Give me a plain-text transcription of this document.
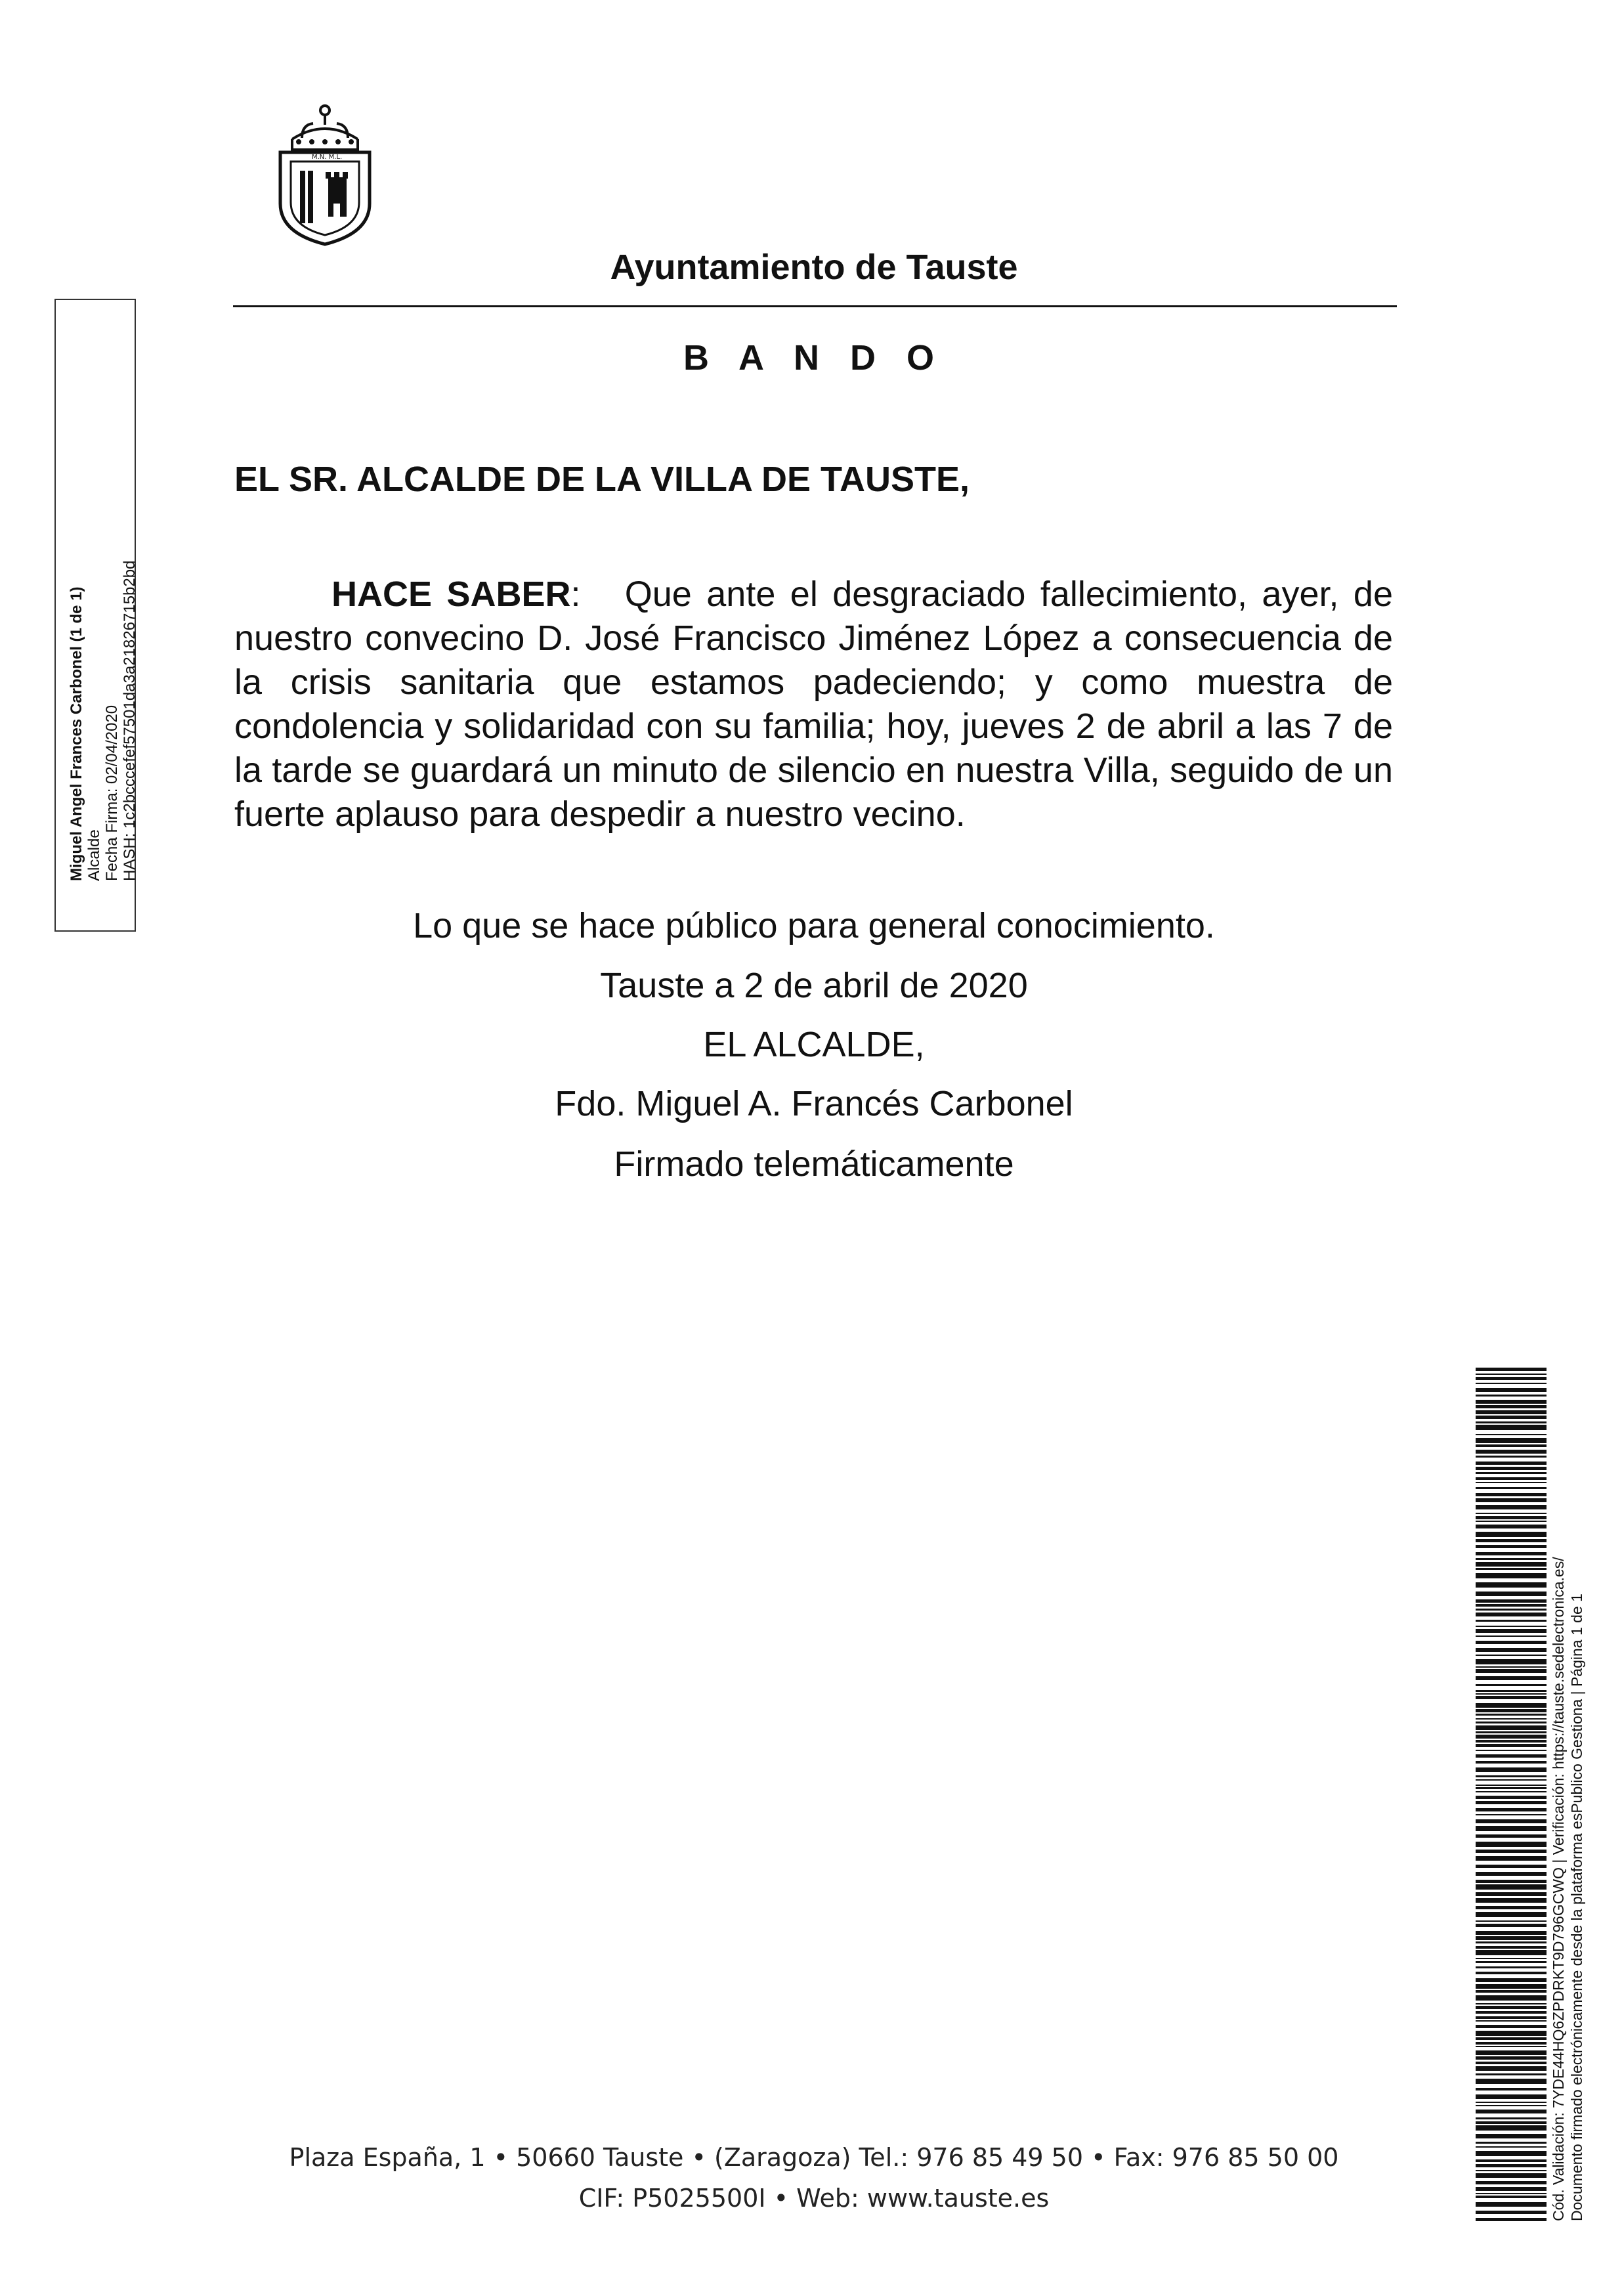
M.N. M.L.
Ayuntamiento de Tauste
B A N D O
EL SR. ALCALDE DE LA VILLA DE TAUSTE,
HACE SABER: Que ante el desgraciado fallecimiento, ayer, de nuestro convecino D. José Francisco Jiménez López a consecuencia de la crisis sanitaria que estamos padeciendo; y como muestra de condolencia y solidaridad con su familia; hoy, jueves 2 de abril a las 7 de la tarde se guardará un minuto de silencio en nuestra Villa, seguido de un fuerte aplauso para despedir a nuestro vecino.
Lo que se hace público para general conocimiento.
Tauste a 2 de abril de 2020
EL ALCALDE,
Fdo. Miguel A. Francés Carbonel
Firmado telemáticamente
Miguel Angel Frances Carbonel (1 de 1) Alcalde Fecha Firma: 02/04/2020 HASH: 1c2bcccefef57501da3a21826715b2bd
Cód. Validación: 7YDE44HQ6ZPDRKT9D796GCWQ | Verificación: https://tauste.sedelectronica.es/ Documento firmado electrónicamente desde la plataforma esPublico Gestiona | Página 1 de 1
Plaza España, 1 • 50660 Tauste • (Zaragoza) Tel.: 976 85 49 50 • Fax: 976 85 50 00
CIF: P5025500I • Web: www.tauste.es
